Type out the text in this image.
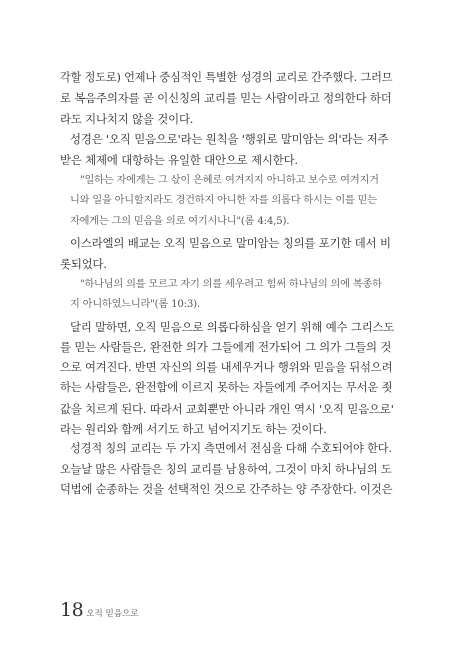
각할 정도로) 언제나 중심적인 특별한 성경의 교리로 간주했다. 그러므
로 복음주의자를 곧 이신칭의 교리를 믿는 사람이라고 정의한다 하더
라도 지나치지 않을 것이다.

성경은 '오직 믿음으로'라는 원칙을 '행위로 말미암는 의'라는 저주
받은 체제에 대항하는 유일한 대안으로 제시한다.

"일하는 자에게는 그 삯이 은혜로 여겨지지 아니하고 보수로 여겨지거
니와 일을 아니할지라도 경건하지 아니한 자를 의롭다 하시는 이를 믿는
자에게는 그의 믿음을 의로 여기시나니"(롬 4:4,5).

이스라엘의 배교는 오직 믿음으로 말미암는 칭의를 포기한 데서 비
롯되었다.

"하나님의 의를 모르고 자기 의를 세우려고 힘써 하나님의 의에 복종하
지 아니하였느니라"(롬 10:3).

달리 말하면, 오직 믿음으로 의롭다하심을 얻기 위해 예수 그리스도
를 믿는 사람들은, 완전한 의가 그들에게 전가되어 그 의가 그들의 것
으로 여겨진다. 반면 자신의 의를 내세우거나 행위와 믿음을 뒤섞으려
하는 사람들은, 완전함에 이르지 못하는 자들에게 주어지는 무서운 죗
값을 치르게 된다. 따라서 교회뿐만 아니라 개인 역시 '오직 믿음으로'
라는 원리와 함께 서기도 하고 넘어지기도 하는 것이다.

성경적 칭의 교리는 두 가지 측면에서 전심을 다해 수호되어야 한다.
오늘날 많은 사람들은 칭의 교리를 남용하여, 그것이 마치 하나님의 도
덕법에 순종하는 것을 선택적인 것으로 간주하는 양 주장한다. 이것은

18 오직 믿음으로
